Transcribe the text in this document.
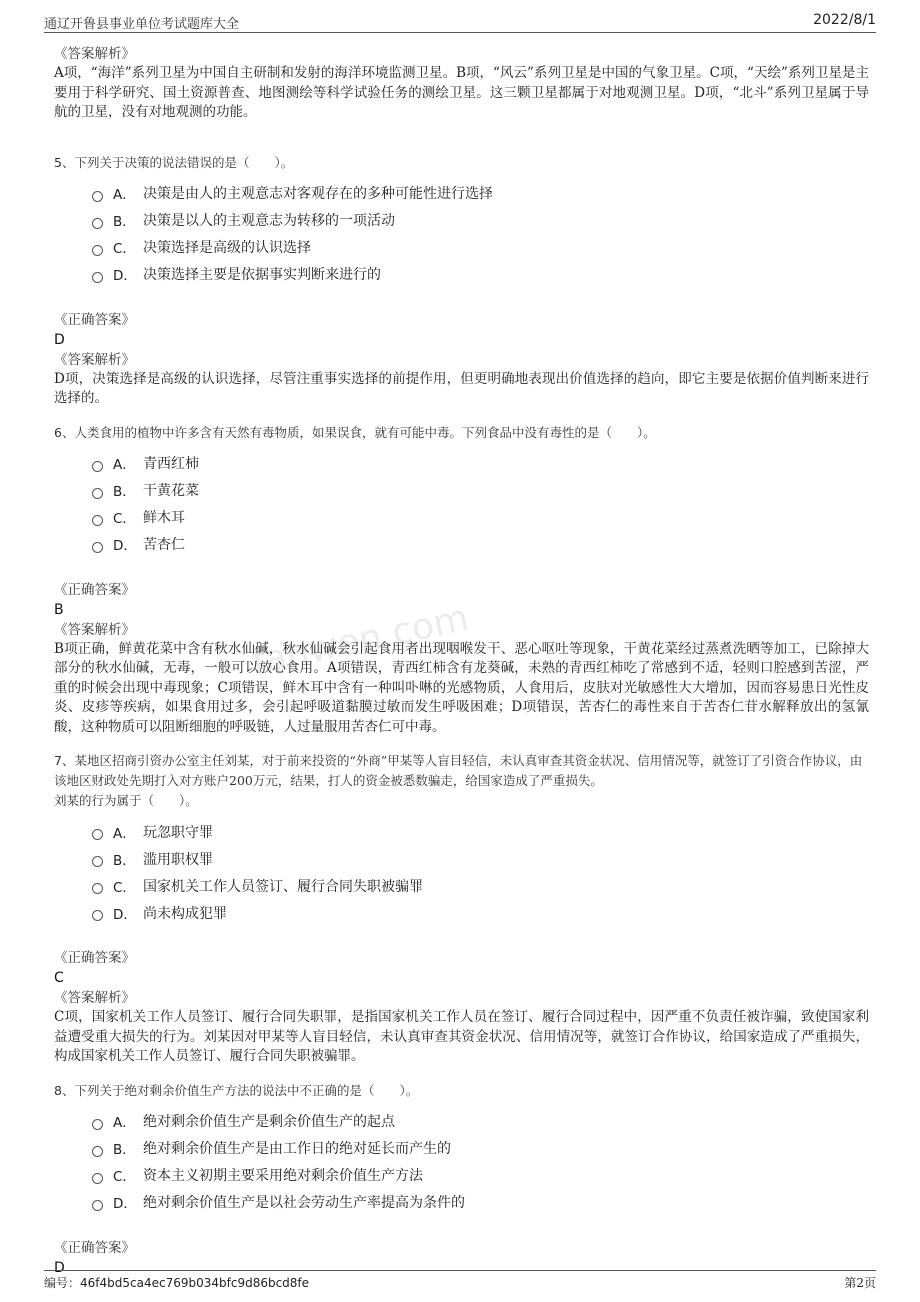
通辽开鲁县事业单位考试题库大全	2022/8/1
fanwen.com
《答案解析》
A项，“海洋”系列卫星为中国自主研制和发射的海洋环境监测卫星。B项，“风云”系列卫星是中国的气象卫星。C项，“天绘”系列卫星是主要用于科学研究、国土资源普查、地图测绘等科学试验任务的测绘卫星。这三颗卫星都属于对地观测卫星。D项，“北斗”系列卫星属于导航的卫星，没有对地观测的功能。
5、下列关于决策的说法错误的是（　　）。
A． 决策是由人的主观意志对客观存在的多种可能性进行选择
B． 决策是以人的主观意志为转移的一项活动
C． 决策选择是高级的认识选择
D． 决策选择主要是依据事实判断来进行的
《正确答案》
D
《答案解析》
D项，决策选择是高级的认识选择，尽管注重事实选择的前提作用，但更明确地表现出价值选择的趋向，即它主要是依据价值判断来进行选择的。
6、人类食用的植物中许多含有天然有毒物质，如果误食，就有可能中毒。下列食品中没有毒性的是（　　）。
A． 青西红柿
B． 干黄花菜
C． 鲜木耳
D． 苦杏仁
《正确答案》
B
《答案解析》
B项正确，鲜黄花菜中含有秋水仙碱，秋水仙碱会引起食用者出现咽喉发干、恶心呕吐等现象，干黄花菜经过蒸煮洗晒等加工，已除掉大部分的秋水仙碱，无毒，一般可以放心食用。A项错误，青西红柿含有龙葵碱，未熟的青西红柿吃了常感到不适，轻则口腔感到苦涩，严重的时候会出现中毒现象；C项错误，鲜木耳中含有一种叫卟啉的光感物质，人食用后，皮肤对光敏感性大大增加，因而容易患日光性皮炎、皮疹等疾病，如果食用过多，会引起呼吸道黏膜过敏而发生呼吸困难；D项错误，苦杏仁的毒性来自于苦杏仁苷水解释放出的氢氰酸，这种物质可以阻断细胞的呼吸链，人过量服用苦杏仁可中毒。
7、某地区招商引资办公室主任刘某，对于前来投资的“外商”甲某等人盲目轻信，未认真审查其资金状况、信用情况等，就签订了引资合作协议，由该地区财政处先期打入对方账户200万元，结果，打人的资金被悉数骗走，给国家造成了严重损失。
刘某的行为属于（　　）。
A． 玩忽职守罪
B． 滥用职权罪
C． 国家机关工作人员签订、履行合同失职被骗罪
D． 尚未构成犯罪
《正确答案》
C
《答案解析》
C项，国家机关工作人员签订、履行合同失职罪，是指国家机关工作人员在签订、履行合同过程中，因严重不负责任被诈骗，致使国家利益遭受重大损失的行为。刘某因对甲某等人盲目轻信，未认真审查其资金状况、信用情况等，就签订合作协议，给国家造成了严重损失，构成国家机关工作人员签订、履行合同失职被骗罪。
8、下列关于绝对剩余价值生产方法的说法中不正确的是（　　）。
A． 绝对剩余价值生产是剩余价值生产的起点
B． 绝对剩余价值生产是由工作日的绝对延长而产生的
C． 资本主义初期主要采用绝对剩余价值生产方法
D． 绝对剩余价值生产是以社会劳动生产率提高为条件的
《正确答案》
D
编号：46f4bd5ca4ec769b034bfc9d86bcd8fe	第2页
